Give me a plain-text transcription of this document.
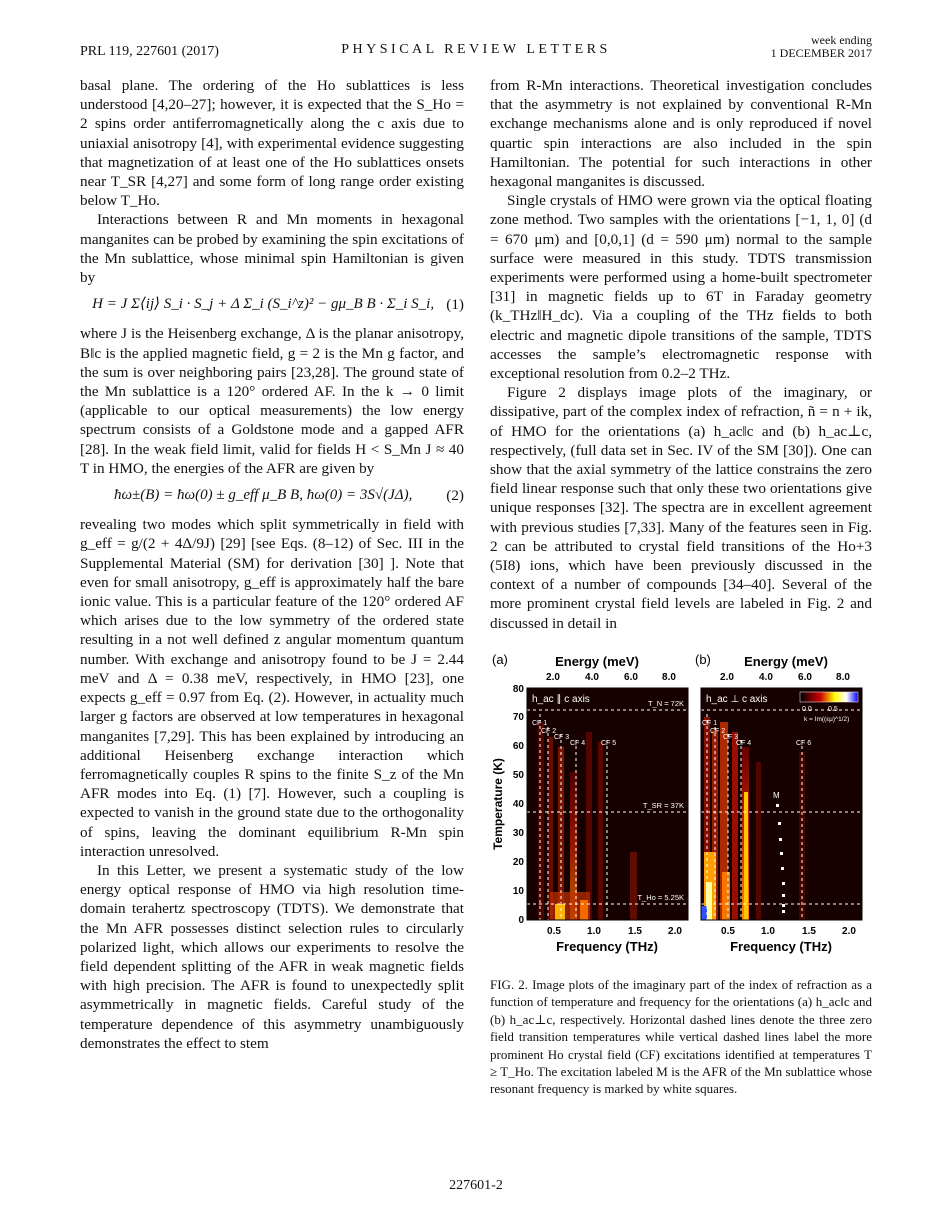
PRL 119, 227601 (2017)	PHYSICAL REVIEW LETTERS
week ending
1 DECEMBER 2017

basal plane. The ordering of the Ho sublattices is less understood [4,20–27]; however, it is expected that the S_Ho = 2 spins order antiferromagnetically along the c axis due to uniaxial anisotropy [4], with experimental evidence suggesting that magnetization of at least one of the Ho sublattices onsets near T_SR [4,27] and some form of long range order existing below T_Ho.

Interactions between R and Mn moments in hexagonal manganites can be probed by examining the spin excitations of the Mn sublattice, whose minimal spin Hamiltonian is given by

H = J Σ⟨ij⟩ S_i · S_j + Δ Σ_i (S_i^z)² − gμ_B B · Σ_i S_i, (1)

where J is the Heisenberg exchange, Δ is the planar anisotropy, B‖c is the applied magnetic field, g = 2 is the Mn g factor, and the sum is over neighboring pairs [23,28]. The ground state of the Mn sublattice is a 120° ordered AF. In the k → 0 limit (applicable to our optical measurements) the low energy spectrum consists of a Goldstone mode and a gapped AFR [28]. In the weak field limit, valid for fields H < S_Mn J ≈ 40 T in HMO, the energies of the AFR are given by

ħω±(B) = ħω(0) ± g_eff μ_B B, ħω(0) = 3S√(JΔ),	(2)

revealing two modes which split symmetrically in field with g_eff = g/(2 + 4Δ/9J) [29] [see Eqs. (8–12) of Sec. III in the Supplemental Material (SM) for derivation [30] ]. Note that even for small anisotropy, g_eff is approximately half the bare ionic value. This is a particular feature of the 120° ordered AF which arises due to the low symmetry of the ordered state resulting in a not well defined z angular momentum quantum number. With exchange and anisotropy found to be J = 2.44 meV and Δ = 0.38 meV, respectively, in HMO [23], one expects g_eff = 0.97 from Eq. (2). However, in actuality much larger g factors are observed at low temperatures in hexagonal manganites [7,29]. This has been explained by introducing an additional Heisenberg exchange interaction which ferromagnetically couples R spins to the finite S_z of the Mn AFR modes into Eq. (1) [7]. However, such a coupling is expected to vanish in the ground state due to the orthogonality of spins, leaving the dominant equilibrium R-Mn spin interaction unresolved.

In this Letter, we present a systematic study of the low energy optical response of HMO via high resolution time-domain terahertz spectroscopy (TDTS). We demonstrate that the Mn AFR possesses distinct selection rules to circularly polarized light, which allows our experiments to resolve the field dependent splitting of the AFR in weak magnetic fields with high precision. The AFR is found to unexpectedly split asymmetrically in magnetic fields. Careful study of the temperature dependence of this asymmetry unambiguously demonstrates the effect to stem

from R-Mn interactions. Theoretical investigation concludes that the asymmetry is not explained by conventional R-Mn exchange mechanisms alone and is only reproduced if novel quartic spin interactions are also included in the spin Hamiltonian. The potential for such interactions in other hexagonal manganites is discussed.

Single crystals of HMO were grown via the optical floating zone method. Two samples with the orientations [−1, 1, 0] (d = 670 μm) and [0,0,1] (d = 590 μm) normal to the sample surface were measured in this study. TDTS transmission experiments were performed using a home-built spectrometer [31] in magnetic fields up to 6T in Faraday geometry (k_THz‖H_dc). Via a coupling of the THz fields to both electric and magnetic dipole transitions of the sample, TDTS accesses the sample’s electromagnetic response with exceptional resolution from 0.2–2 THz.

Figure 2 displays image plots of the imaginary, or dissipative, part of the complex index of refraction, ñ = n + ik, of HMO for the orientations (a) h_ac‖c and (b) h_ac⊥c, respectively, (full data set in Sec. IV of the SM [30]). One can show that the axial symmetry of the lattice constrains the zero field linear response such that only these two orientations give unique responses [32]. The spectra are in excellent agreement with previous studies [7,33]. Many of the features seen in Fig. 2 can be attributed to crystal field transitions of the Ho+3 (5I8) ions, which have been previously discussed in the context of a number of compounds [34–40]. Several of the more prominent crystal field levels are labeled in Fig. 2 and discussed in detail in

(a)	Energy (meV)
2.0	4.0	6.0 8.0
h_ac ∥ c axis
CF 1
CF 2
CF 3
CF 4 CF 5
T_N = 72K
T_SR = 37K
T_Ho = 5.25K
0
10
20
30
40
50
60
70
80
Temperature (K)
0.5	1.0	1.5	2.0
Frequency (THz)
(b)	Energy (meV)
2.0	4.0	6.0 8.0
M
h_ac ⊥ c axis
CF 1
CF 2
CF 3
CF 4	CF 6
0.0 0.5
k = Im((εμ)^1/2)
0.5	1.0	1.5	2.0
Frequency (THz)
FIG. 2. Image plots of the imaginary part of the index of refraction as a function of temperature and frequency for the orientations (a) h_ac‖c and (b) h_ac⊥c, respectively. Horizontal dashed lines denote the three zero field transition temperatures while vertical dashed lines label the more prominent Ho crystal field (CF) excitations identified at temperatures T ≥ T_Ho. The excitation labeled M is the AFR of the Mn sublattice whose resonant frequency is marked by white squares.
227601-2
